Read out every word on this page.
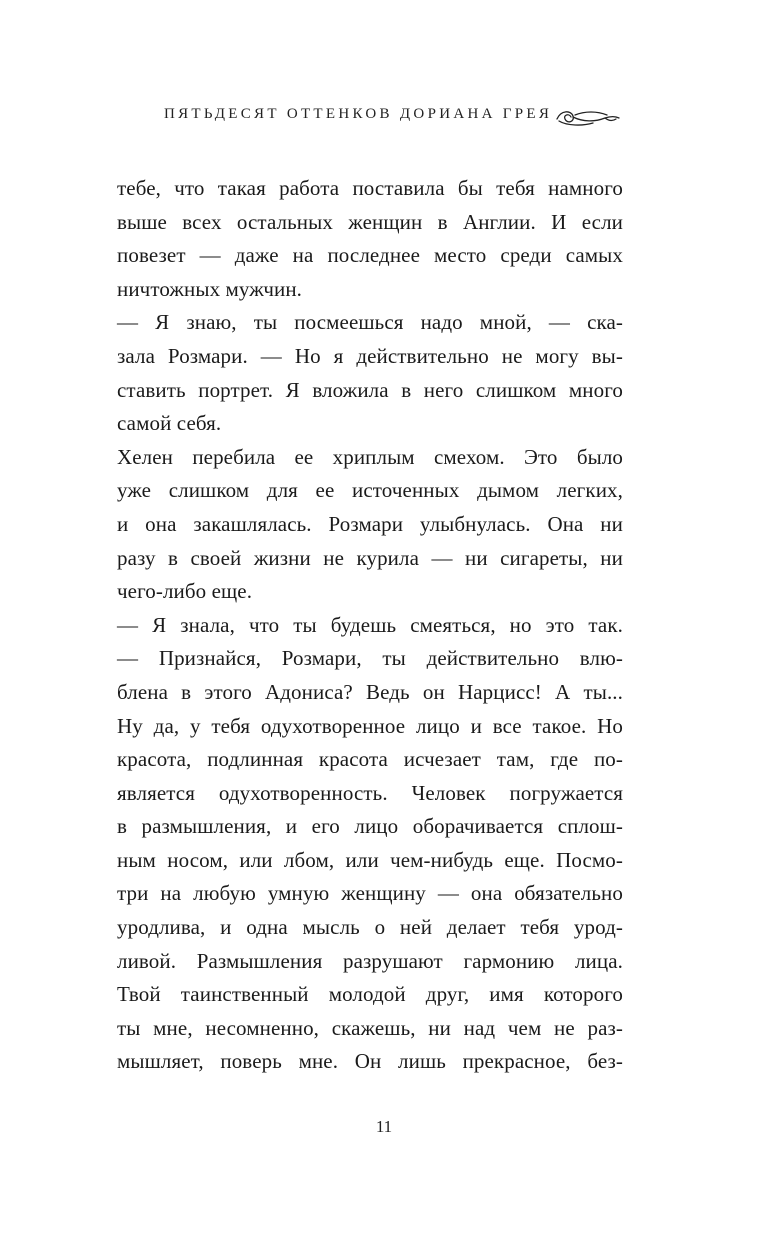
ПЯТЬДЕСЯТ ОТТЕНКОВ ДОРИАНА ГРЕЯ
тебе, что такая работа поставила бы тебя намного
выше всех остальных женщин в Англии. И если
повезет — даже на последнее место среди самых
ничтожных мужчин.
— Я знаю, ты посмеешься надо мной, — ска-
зала Розмари. — Но я действительно не могу вы-
ставить портрет. Я вложила в него слишком много
самой себя.
Хелен перебила ее хриплым смехом. Это было
уже слишком для ее источенных дымом легких,
и она закашлялась. Розмари улыбнулась. Она ни
разу в своей жизни не курила — ни сигареты, ни
чего-либо еще.
— Я знала, что ты будешь смеяться, но это так.
— Признайся, Розмари, ты действительно влю-
блена в этого Адониса? Ведь он Нарцисс! А ты...
Ну да, у тебя одухотворенное лицо и все такое. Но
красота, подлинная красота исчезает там, где по-
является одухотворенность. Человек погружается
в размышления, и его лицо оборачивается сплош-
ным носом, или лбом, или чем-нибудь еще. Посмо-
три на любую умную женщину — она обязательно
уродлива, и одна мысль о ней делает тебя урод-
ливой. Размышления разрушают гармонию лица.
Твой таинственный молодой друг, имя которого
ты мне, несомненно, скажешь, ни над чем не раз-
мышляет, поверь мне. Он лишь прекрасное, без-
11
